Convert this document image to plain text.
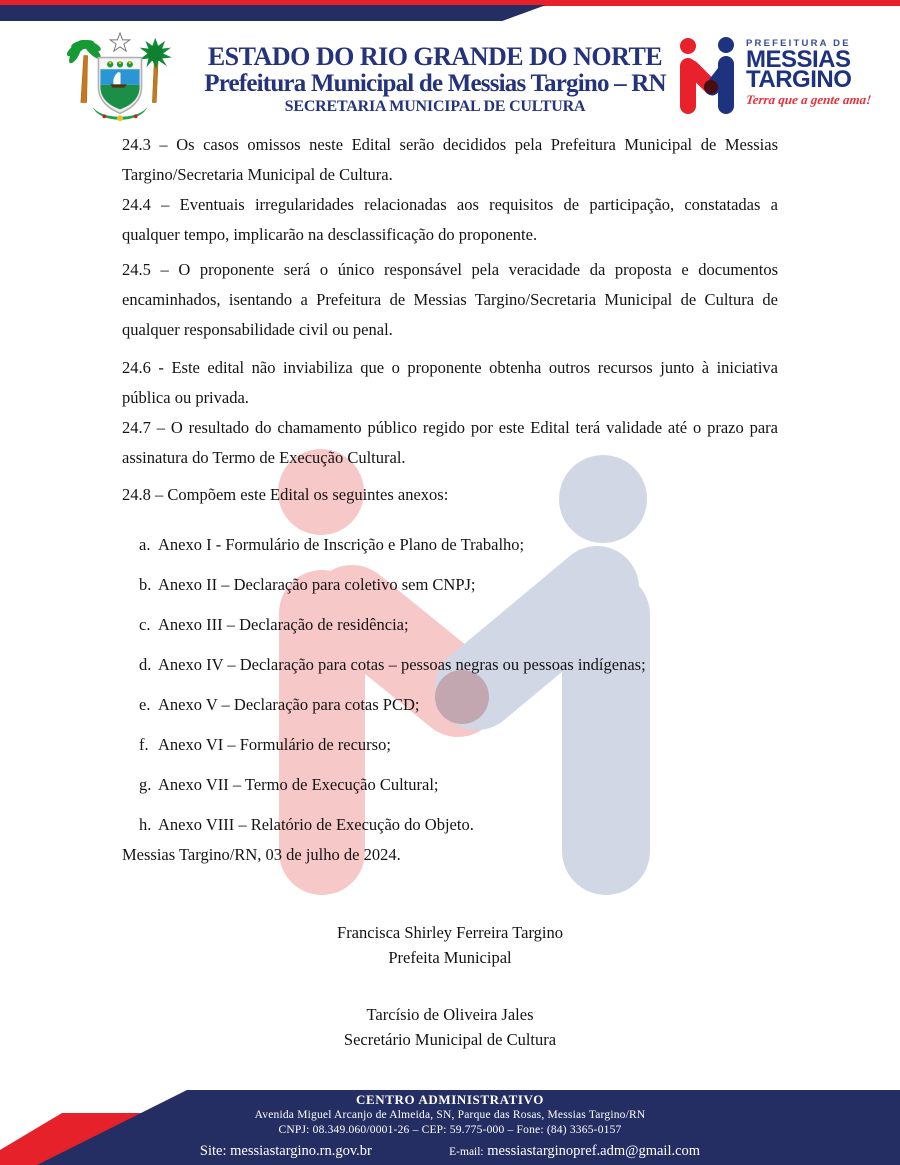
ESTADO DO RIO GRANDE DO NORTE
Prefeitura Municipal de Messias Targino – RN
SECRETARIA MUNICIPAL DE CULTURA
PREFEITURA DE
MESSIAS
TARGINO
Terra que a gente ama!

24.3 – Os casos omissos neste Edital serão decididos pela Prefeitura Municipal de Messias Targino/Secretaria Municipal de Cultura.

24.4 – Eventuais irregularidades relacionadas aos requisitos de participação, constatadas a qualquer tempo, implicarão na desclassificação do proponente.

24.5 – O proponente será o único responsável pela veracidade da proposta e documentos encaminhados, isentando a Prefeitura de Messias Targino/Secretaria Municipal de Cultura de qualquer responsabilidade civil ou penal.

24.6 - Este edital não inviabiliza que o proponente obtenha outros recursos junto à iniciativa pública ou privada.

24.7 – O resultado do chamamento público regido por este Edital terá validade até o prazo para assinatura do Termo de Execução Cultural.

24.8 – Compõem este Edital os seguintes anexos:

a. Anexo I - Formulário de Inscrição e Plano de Trabalho;
b. Anexo II – Declaração para coletivo sem CNPJ;
c. Anexo III – Declaração de residência;
d. Anexo IV – Declaração para cotas – pessoas negras ou pessoas indígenas;
e. Anexo V – Declaração para cotas PCD;
f. Anexo VI – Formulário de recurso;
g. Anexo VII – Termo de Execução Cultural;
h. Anexo VIII – Relatório de Execução do Objeto.

Messias Targino/RN, 03 de julho de 2024.

Francisca Shirley Ferreira Targino
Prefeita Municipal
Tarcísio de Oliveira Jales
Secretário Municipal de Cultura
CENTRO ADMINISTRATIVO
Avenida Miguel Arcanjo de Almeida, SN, Parque das Rosas, Messias Targino/RN
CNPJ: 08.349.060/0001-26 – CEP: 59.775-000 – Fone: (84) 3365-0157
Site: messiastargino.rn.gov.br	E-mail: messiastarginopref.adm@gmail.com
